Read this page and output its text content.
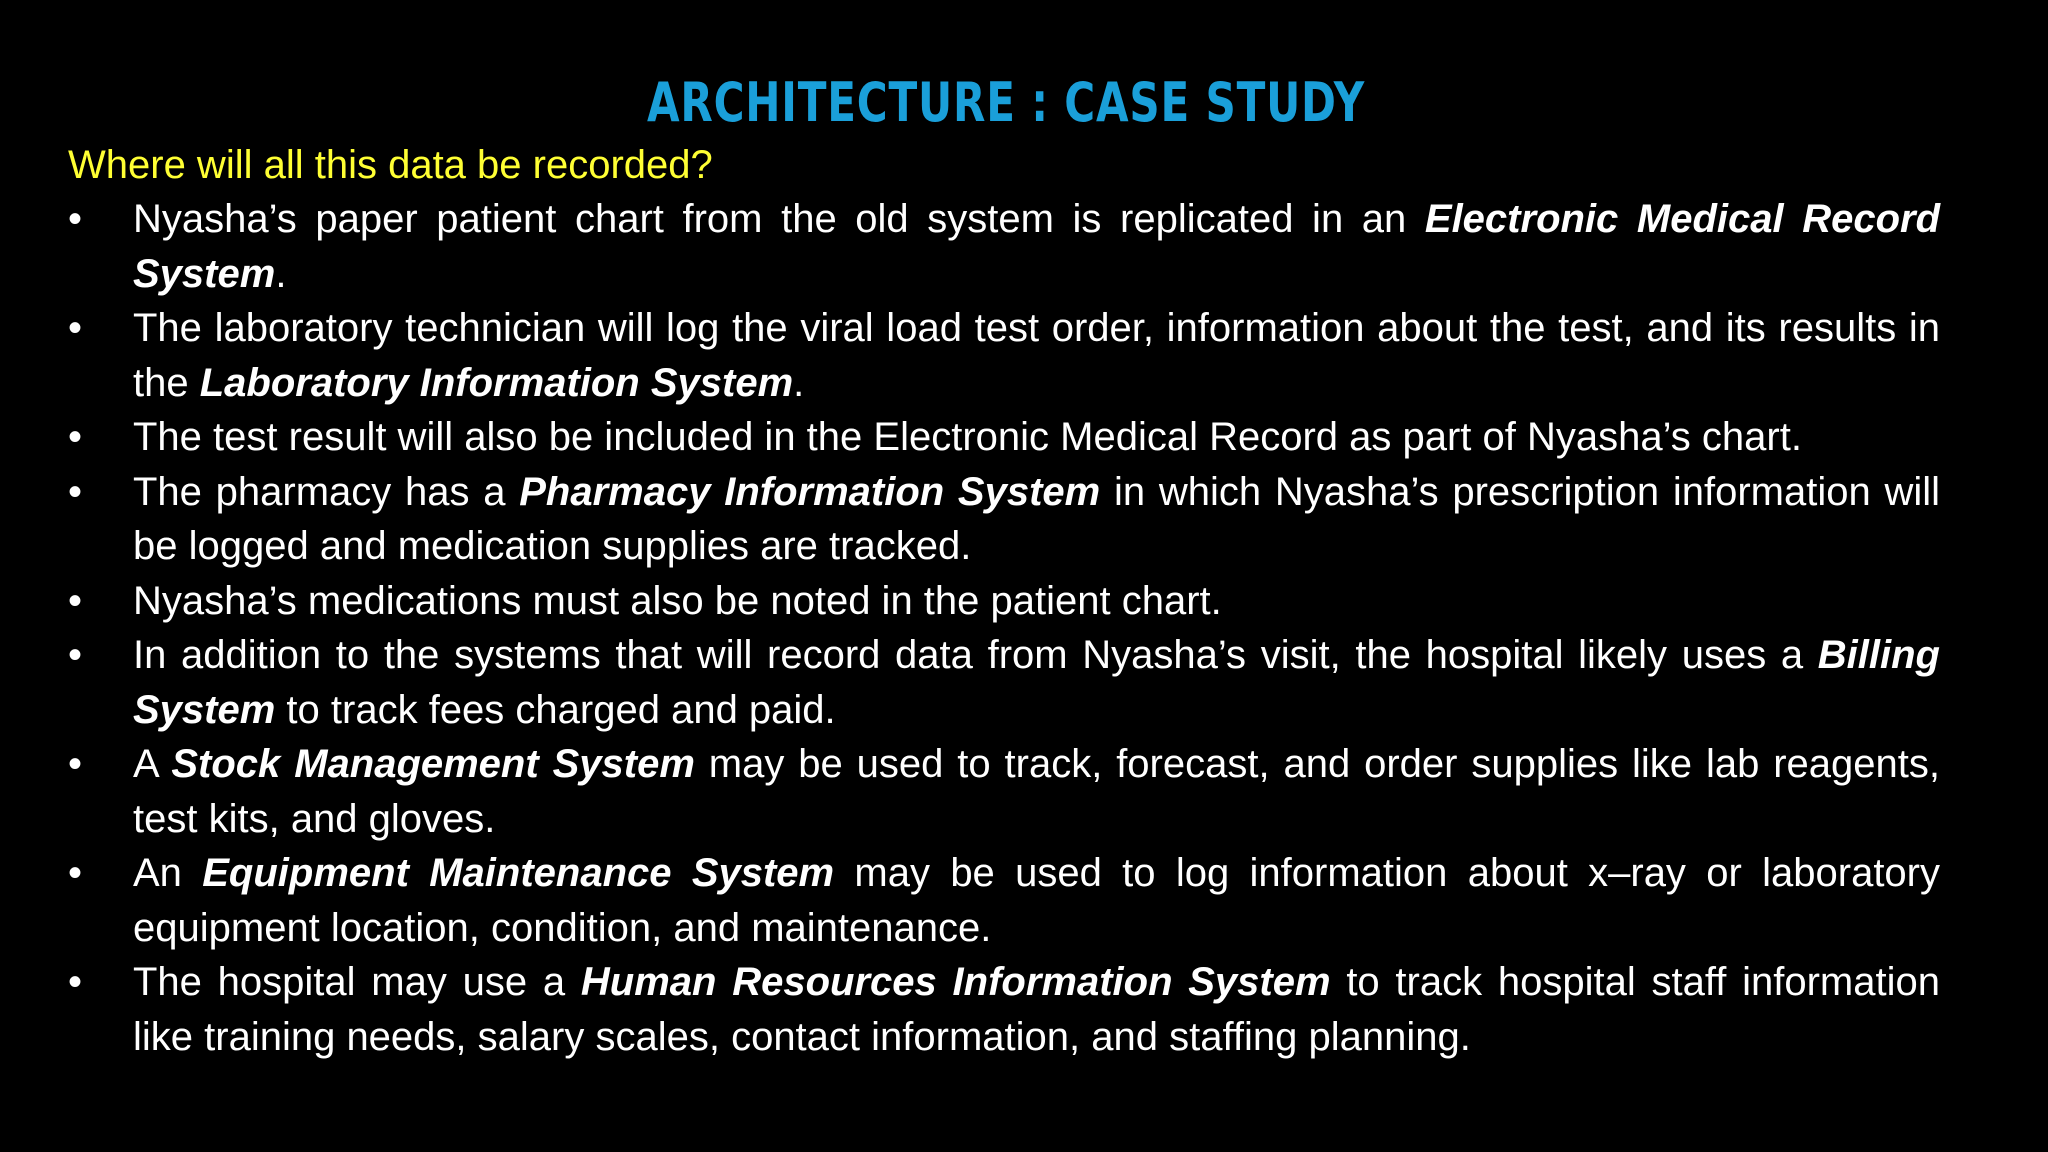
ARCHITECTURE : CASE STUDY
Where will all this data be recorded?
•	Nyasha’s paper patient chart from the old system is replicated in an Electronic Medical Record System.
•	The laboratory technician will log the viral load test order, information about the test, and its results in the Laboratory Information System.
•	The test result will also be included in the Electronic Medical Record as part of Nyasha’s chart.
•	The pharmacy has a Pharmacy Information System in which Nyasha’s prescription information will be logged and medication supplies are tracked.
•	Nyasha’s medications must also be noted in the patient chart.
•	In addition to the systems that will record data from Nyasha’s visit, the hospital likely uses a Billing System to track fees charged and paid.
•	A Stock Management System may be used to track, forecast, and order supplies like lab reagents, test kits, and gloves.
•	An Equipment Maintenance System may be used to log information about x–ray or laboratory equipment location, condition, and maintenance.
•	The hospital may use a Human Resources Information System to track hospital staff information like training needs, salary scales, contact information, and staffing planning.
